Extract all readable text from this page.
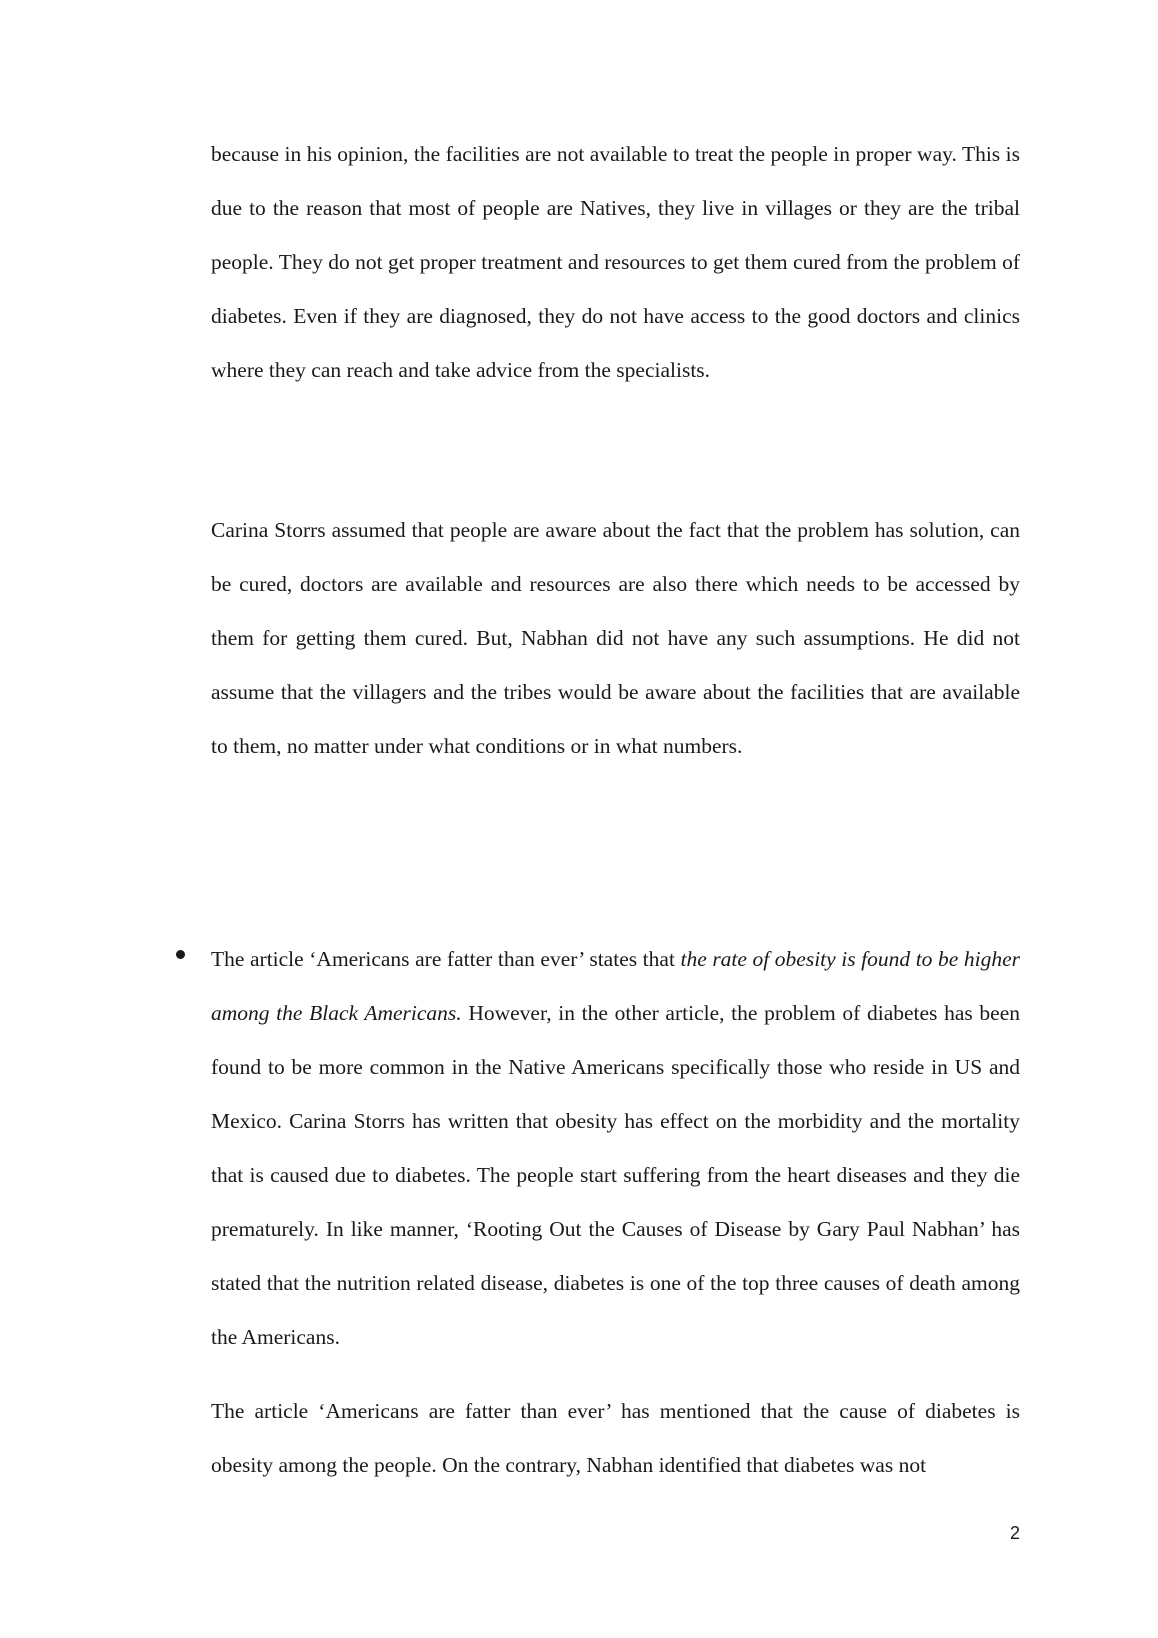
because in his opinion, the facilities are not available to treat the people in proper way. This is due to the reason that most of people are Natives, they live in villages or they are the tribal people. They do not get proper treatment and resources to get them cured from the problem of diabetes. Even if they are diagnosed, they do not have access to the good doctors and clinics where they can reach and take advice from the specialists.

Carina Storrs assumed that people are aware about the fact that the problem has solution, can be cured, doctors are available and resources are also there which needs to be accessed by them for getting them cured. But, Nabhan did not have any such assumptions. He did not assume that the villagers and the tribes would be aware about the facilities that are available to them, no matter under what conditions or in what numbers.

The article ‘Americans are fatter than ever’ states that the rate of obesity is found to be higher among the Black Americans. However, in the other article, the problem of diabetes has been found to be more common in the Native Americans specifically those who reside in US and Mexico. Carina Storrs has written that obesity has effect on the morbidity and the mortality that is caused due to diabetes. The people start suffering from the heart diseases and they die prematurely. In like manner, ‘Rooting Out the Causes of Disease by Gary Paul Nabhan’ has stated that the nutrition related disease, diabetes is one of the top three causes of death among the Americans.

The article ‘Americans are fatter than ever’ has mentioned that the cause of diabetes is obesity among the people. On the contrary, Nabhan identified that diabetes was not

2
